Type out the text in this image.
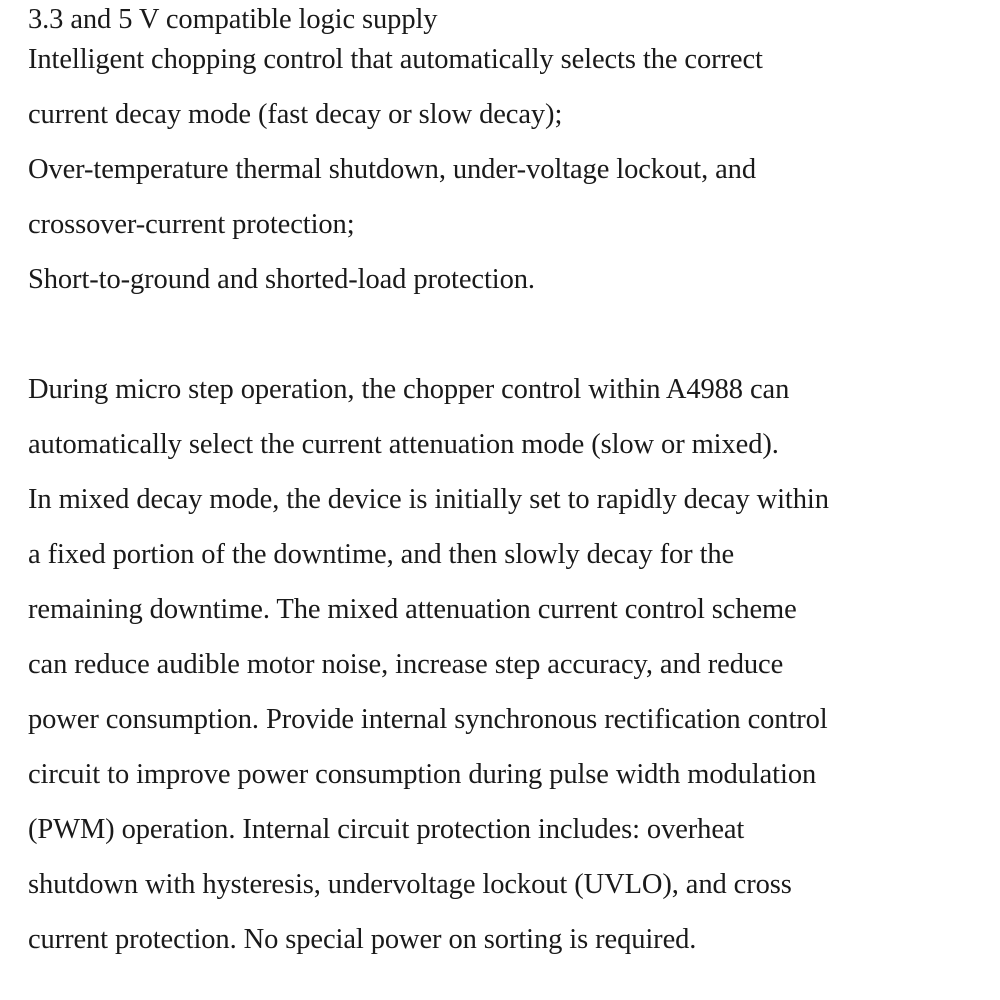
3.3 and 5 V compatible logic supply
Intelligent chopping control that automatically selects the correct
current decay mode (fast decay or slow decay);
Over-temperature thermal shutdown, under-voltage lockout, and
crossover-current protection;
Short-to-ground and shorted-load protection.
During micro step operation, the chopper control within A4988 can
automatically select the current attenuation mode (slow or mixed).
In mixed decay mode, the device is initially set to rapidly decay within
a fixed portion of the downtime, and then slowly decay for the
remaining downtime. The mixed attenuation current control scheme
can reduce audible motor noise, increase step accuracy, and reduce
power consumption. Provide internal synchronous rectification control
circuit to improve power consumption during pulse width modulation
(PWM) operation. Internal circuit protection includes: overheat
shutdown with hysteresis, undervoltage lockout (UVLO), and cross
current protection. No special power on sorting is required.
